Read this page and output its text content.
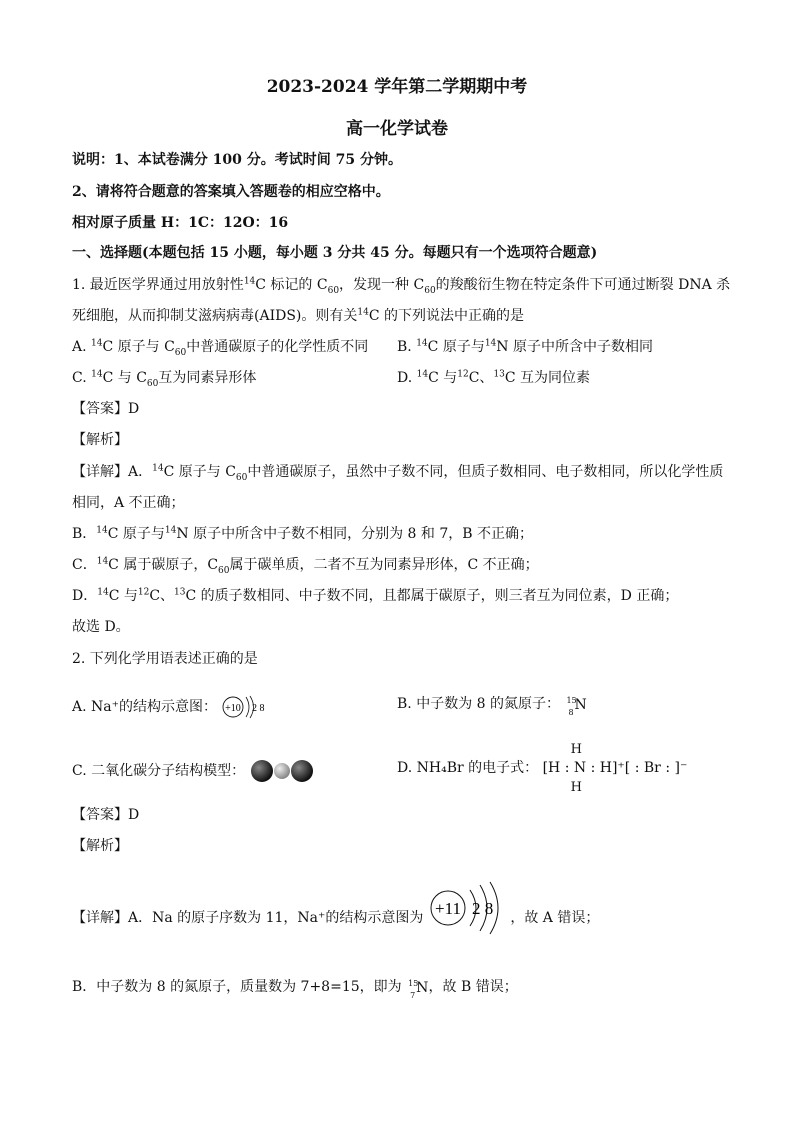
2023-2024 学年第二学期期中考
高一化学试卷
说明：1、本试卷满分 100 分。考试时间 75 分钟。
2、请将符合题意的答案填入答题卷的相应空格中。
相对原子质量 H：1C：12O：16
一、选择题(本题包括 15 小题，每小题 3 分共 45 分。每题只有一个选项符合题意)
1. 最近医学界通过用放射性$^{14}$C 标记的 $C_{60}$，发现一种 $C_{60}$的羧酸衍生物在特定条件下可通过断裂 DNA 杀
死细胞，从而抑制艾滋病病毒(AIDS)。则有关$^{14}$C 的下列说法中正确的是
A. $^{14}$C 原子与 $C_{60}$中普通碳原子的化学性质不同 B. $^{14}$C 原子与$^{14}$N 原子中所含中子数相同
C. $^{14}$C 与 $C_{60}$互为同素异形体	D. $^{14}$C 与$^{12}$C、$^{13}$C 互为同位素
【答案】D
【解析】
【详解】A．$^{14}$C 原子与 $C_{60}$中普通碳原子，虽然中子数不同，但质子数相同、电子数相同，所以化学性质
相同，A 不正确；
B．$^{14}$C 原子与$^{14}$N 原子中所含中子数不相同，分别为 8 和 7，B 不正确；
C．$^{14}$C 属于碳原子，$C_{60}$属于碳单质，二者不互为同素异形体，C 不正确；
D．$^{14}$C 与$^{12}$C、$^{13}$C 的质子数相同、中子数不同，且都属于碳原子，则三者互为同位素，D 正确；
故选 D。
2. 下列化学用语表述正确的是
A. Na⁺的结构示意图： +10 2 8	B. 中子数为 8 的氮原子： 15
8 N
C. 二氧化碳分子结构模型：	D. NH₄Br 的电子式：
H
[H : N : H]⁺[ : Br : ]⁻
H
【答案】D
【解析】
【详解】A．Na 的原子序数为 11，Na⁺的结构示意图为 +11 2 8 ，故 A 错误；
B．中子数为 8 的氮原子，质量数为 7+8=15，即为 15
7 N ，故 B 错误；
